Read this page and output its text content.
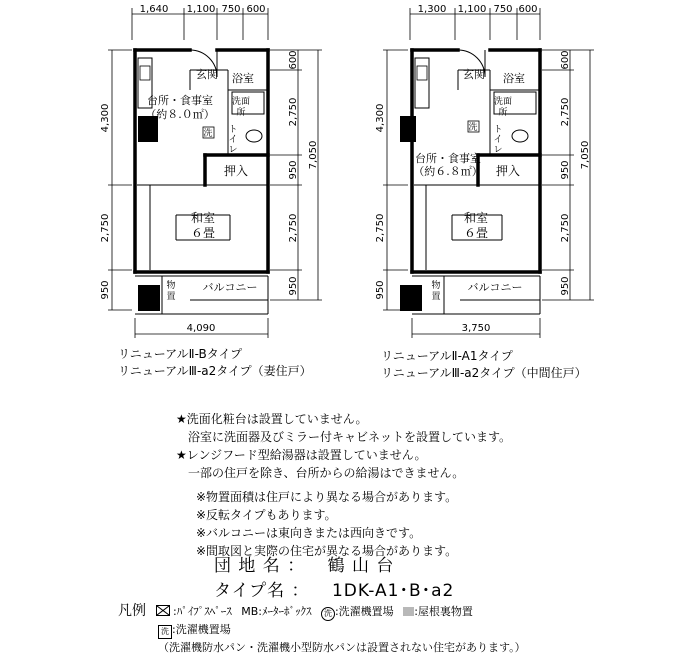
1,640 1,100 750 600
600
2,750
950
2,750
950
7,050
4,300
2,750
950
4,090
玄関 浴室
台所・食事室
（約８.０㎡）
洗面
所
洗 ト
イ
レ
押入
和室
６畳
物
置
バルコニー
1,300 1,100 750 600
600
2,750
950
2,750
950
7,050
4,300
2,750
950
3,750
玄関 浴室
台所・食事室
（約６.８㎡）
洗面
所
洗 ト
イ
レ
押入
和室
６畳
物
置
バルコニー
リニューアルⅡ-Bタイプ
リニューアルⅢ-a2タイプ（妻住戸）
リニューアルⅡ-A1タイプ
リニューアルⅢ-a2タイプ（中間住戸）
★洗面化粧台は設置していません。
　浴室に洗面器及びミラー付キャビネットを設置しています。
★レンジフード型給湯器は設置していません。
　一部の住戸を除き、台所からの給湯はできません。
※物置面積は住戸により異なる場合があります。
※反転タイプもあります。
※バルコニーは東向きまたは西向きです。
※間取図と実際の住宅が異なる場合があります。
団 地 名 ： 鶴 山 台
タイプ名 ： 1DK-A1･B･a2
凡例 :ﾊﾟｲﾌﾟｽﾍﾟｰｽ MB:ﾒｰﾀｰﾎﾞｯｸｽ 洗 :洗濯機置場 :屋根裏物置
洗 :洗濯機置場
（洗濯機防水パン・洗濯機小型防水パンは設置されない住宅があります。）
